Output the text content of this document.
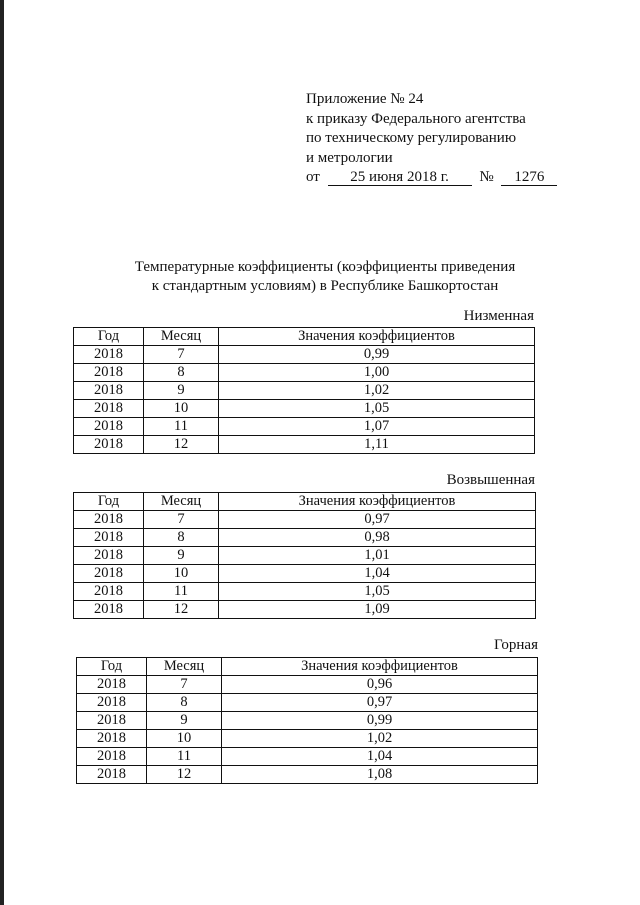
Приложение № 24
к приказу Федерального агентства
по техническому регулированию
и метрологии
от 25 июня 2018 г. № 1276
Температурные коэффициенты (коэффициенты приведения
к стандартным условиям) в Республике Башкортостан
Низменная
Год	Месяц	Значения коэффициентов
2018	7	0,99
2018	8	1,00
2018	9	1,02
2018	10	1,05
2018	11	1,07
2018	12	1,11
Возвышенная
Год	Месяц	Значения коэффициентов
2018	7	0,97
2018	8	0,98
2018	9	1,01
2018	10	1,04
2018	11	1,05
2018	12	1,09
Горная
Год	Месяц	Значения коэффициентов
2018	7	0,96
2018	8	0,97
2018	9	0,99
2018	10	1,02
2018	11	1,04
2018	12	1,08
